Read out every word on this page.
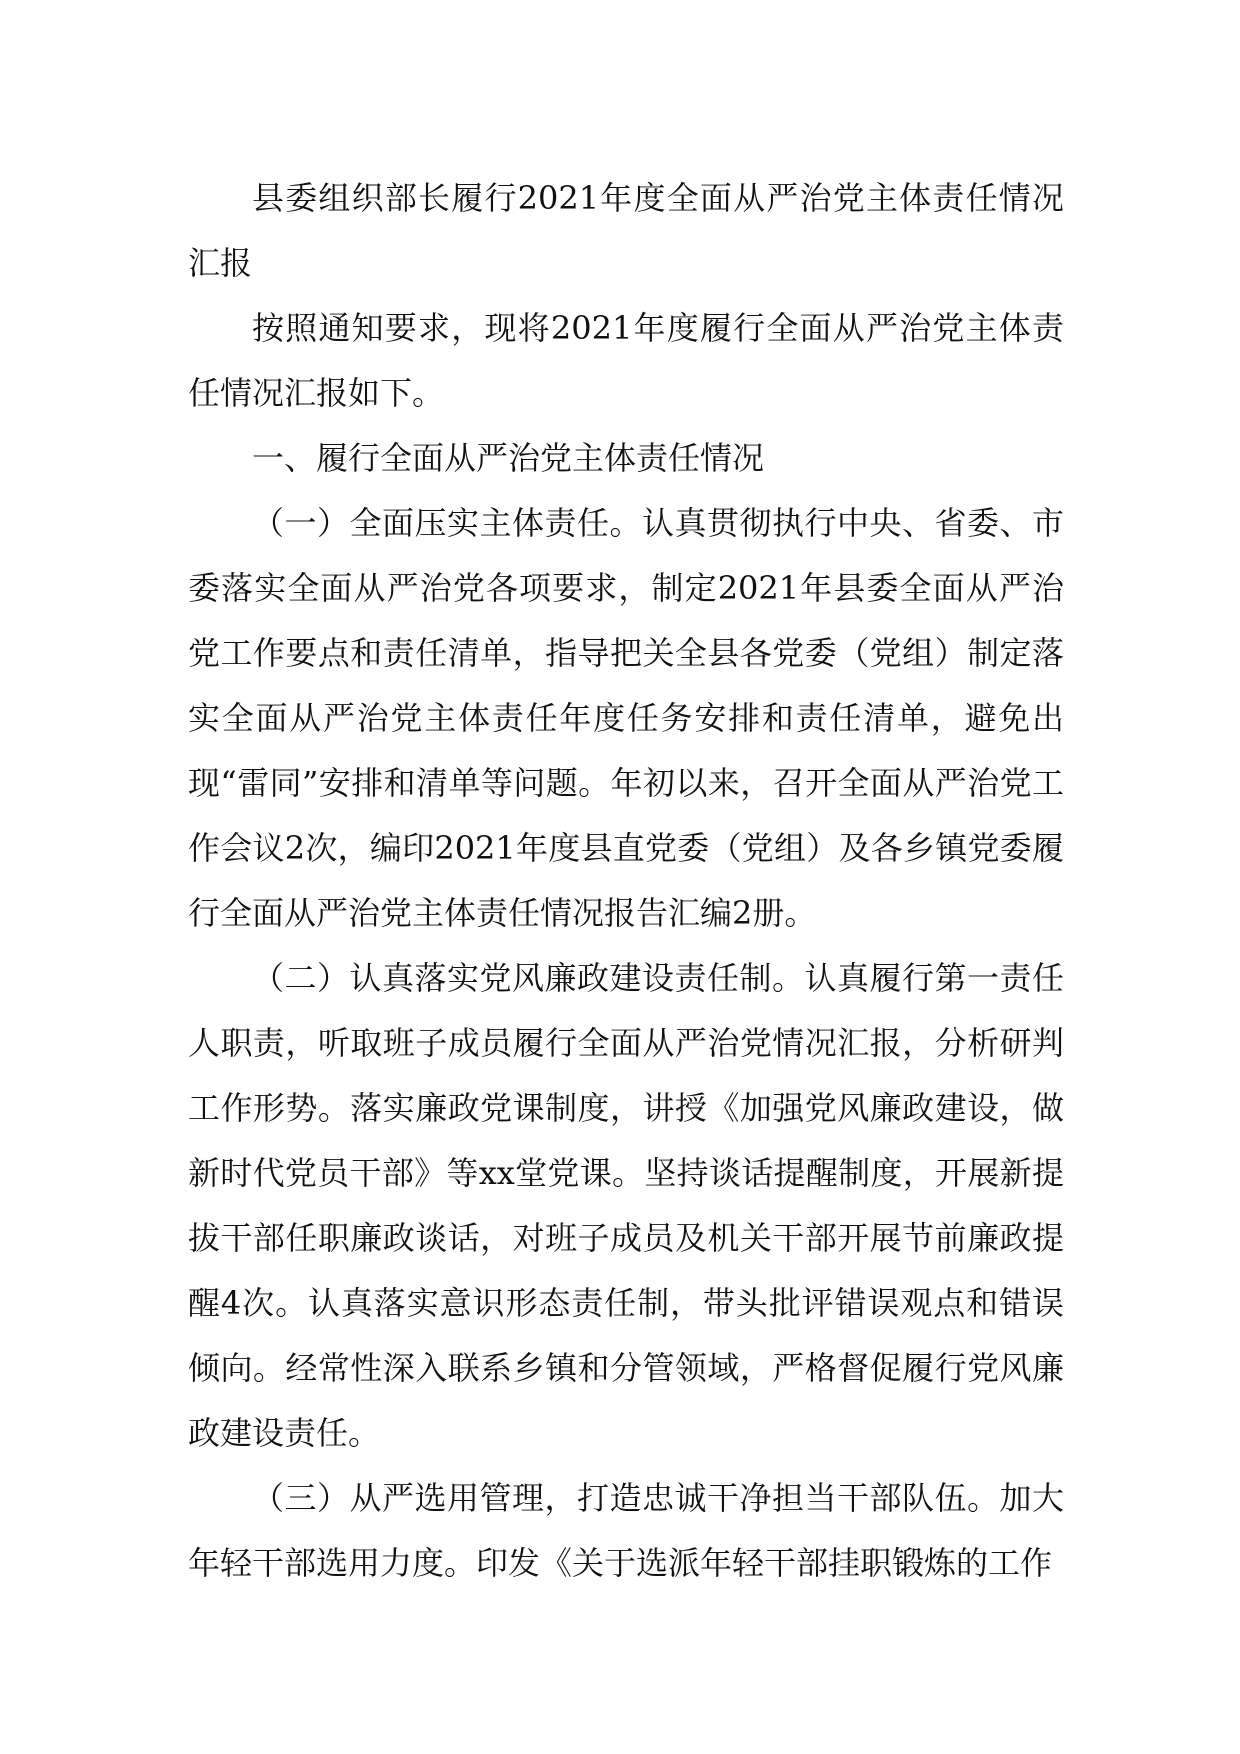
县委组织部长履行2021年度全面从严治党主体责任情况汇报

按照通知要求，现将2021年度履行全面从严治党主体责任情况汇报如下。

一、履行全面从严治党主体责任情况

（一）全面压实主体责任。认真贯彻执行中央、省委、市委落实全面从严治党各项要求，制定2021年县委全面从严治党工作要点和责任清单，指导把关全县各党委（党组）制定落实全面从严治党主体责任年度任务安排和责任清单，避免出现“雷同”安排和清单等问题。年初以来，召开全面从严治党工作会议2次，编印2021年度县直党委（党组）及各乡镇党委履行全面从严治党主体责任情况报告汇编2册。

（二）认真落实党风廉政建设责任制。认真履行第一责任人职责，听取班子成员履行全面从严治党情况汇报，分析研判工作形势。落实廉政党课制度，讲授《加强党风廉政建设，做新时代党员干部》等xx堂党课。坚持谈话提醒制度，开展新提拔干部任职廉政谈话，对班子成员及机关干部开展节前廉政提醒4次。认真落实意识形态责任制，带头批评错误观点和错误倾向。经常性深入联系乡镇和分管领域，严格督促履行党风廉政建设责任。

（三）从严选用管理，打造忠诚干净担当干部队伍。加大年轻干部选用力度。印发《关于选派年轻干部挂职锻炼的工作
